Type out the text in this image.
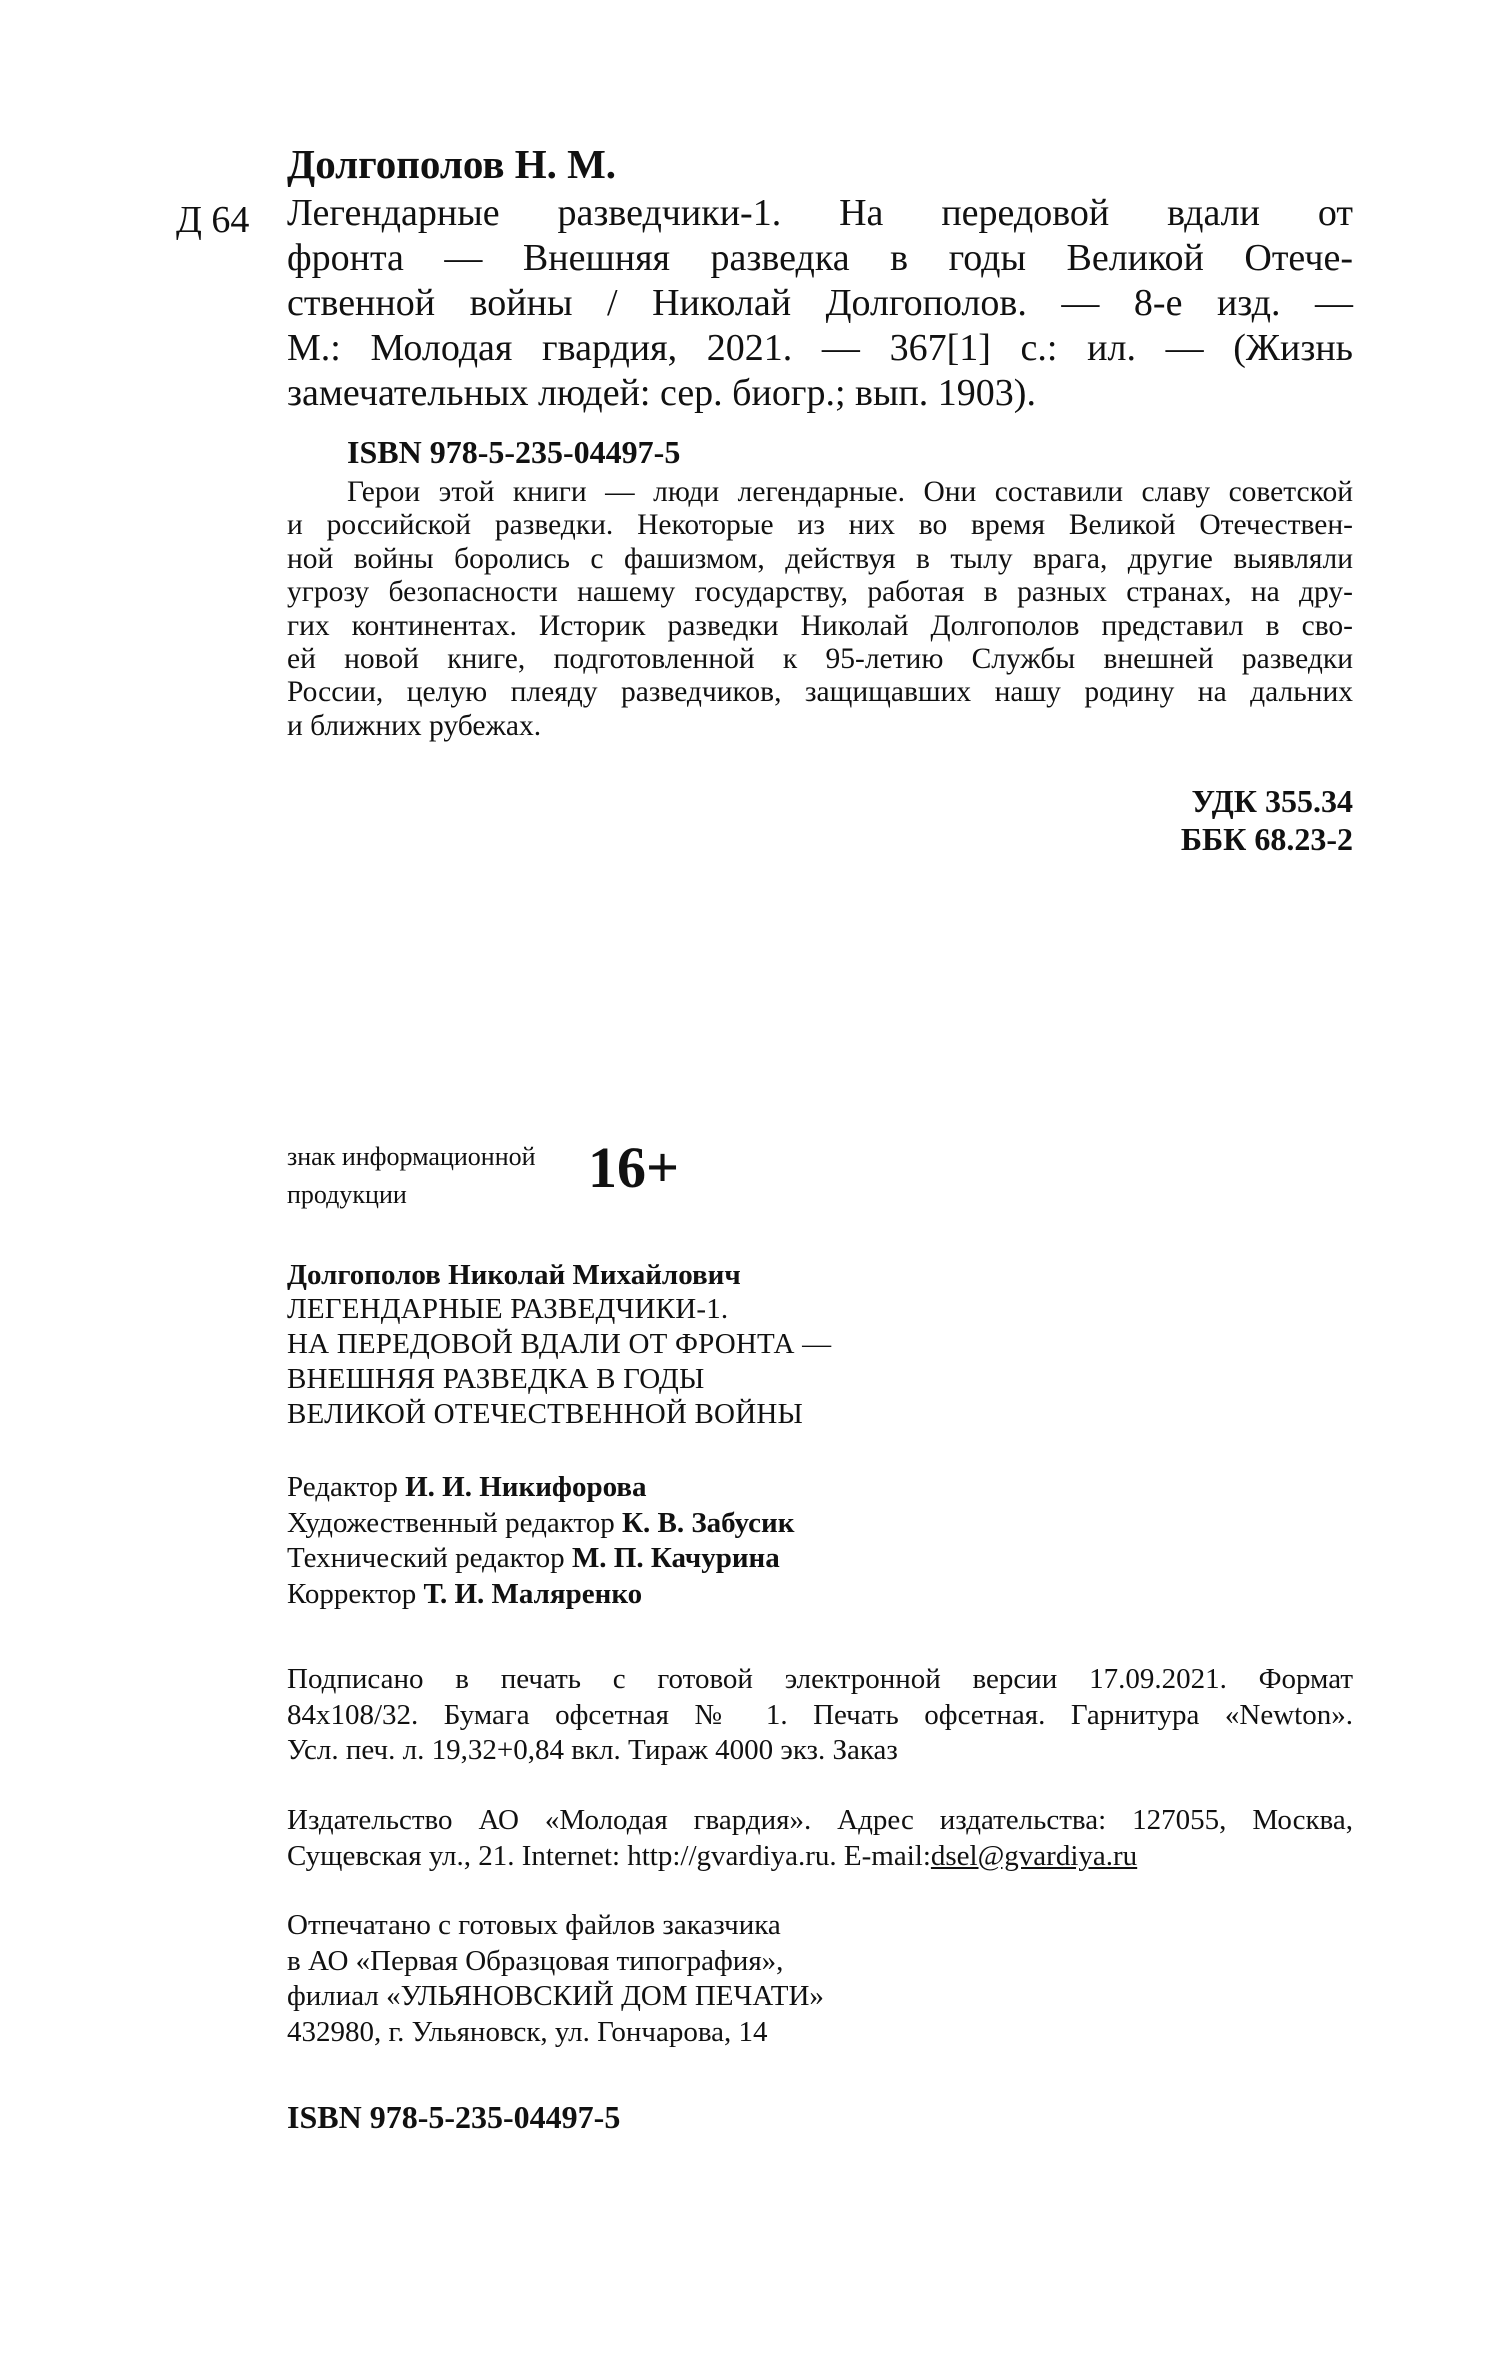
Долгополов Н. М.
Д 64 Легендарные разведчики-1. На передовой вдали от
фронта — Внешняя разведка в годы Великой Отече-
ственной войны / Николай Долгополов. — 8-е изд. —
М.: Молодая гвардия, 2021. — 367[1] с.: ил. — (Жизнь
замечательных людей: сер. биогр.; вып. 1903).
ISBN 978-5-235-04497-5
Герои этой книги — люди легендарные. Они составили славу советской
и российской разведки. Некоторые из них во время Великой Отечествен-
ной войны боролись с фашизмом, действуя в тылу врага, другие выявляли
угрозу безопасности нашему государству, работая в разных странах, на дру-
гих континентах. Историк разведки Николай Долгополов представил в сво-
ей новой книге, подготовленной к 95-летию Службы внешней разведки
России, целую плеяду разведчиков, защищавших нашу родину на дальних
и ближних рубежах.
УДК 355.34
ББК 68.23-2
знак информационной
продукции	16+
Долгополов Николай Михайлович
ЛЕГЕНДАРНЫЕ РАЗВЕДЧИКИ-1.
НА ПЕРЕДОВОЙ ВДАЛИ ОТ ФРОНТА —
ВНЕШНЯЯ РАЗВЕДКА В ГОДЫ
ВЕЛИКОЙ ОТЕЧЕСТВЕННОЙ ВОЙНЫ
Редактор И. И. Никифорова
Художественный редактор К. В. Забусик
Технический редактор М. П. Качурина
Корректор Т. И. Маляренко
Подписано в печать с готовой электронной версии 17.09.2021. Формат
84x108/32. Бумага офсетная № 1. Печать офсетная. Гарнитура «Newton».
Усл. печ. л. 19,32+0,84 вкл. Тираж 4000 экз. Заказ
Издательство АО «Молодая гвардия». Адрес издательства: 127055, Москва,
Сущевская ул., 21. Internet: http://gvardiya.ru. E-mail:dsel@gvardiya.ru
Отпечатано с готовых файлов заказчика
в АО «Первая Образцовая типография»,
филиал «УЛЬЯНОВСКИЙ ДОМ ПЕЧАТИ»
432980, г. Ульяновск, ул. Гончарова, 14
ISBN 978-5-235-04497-5
